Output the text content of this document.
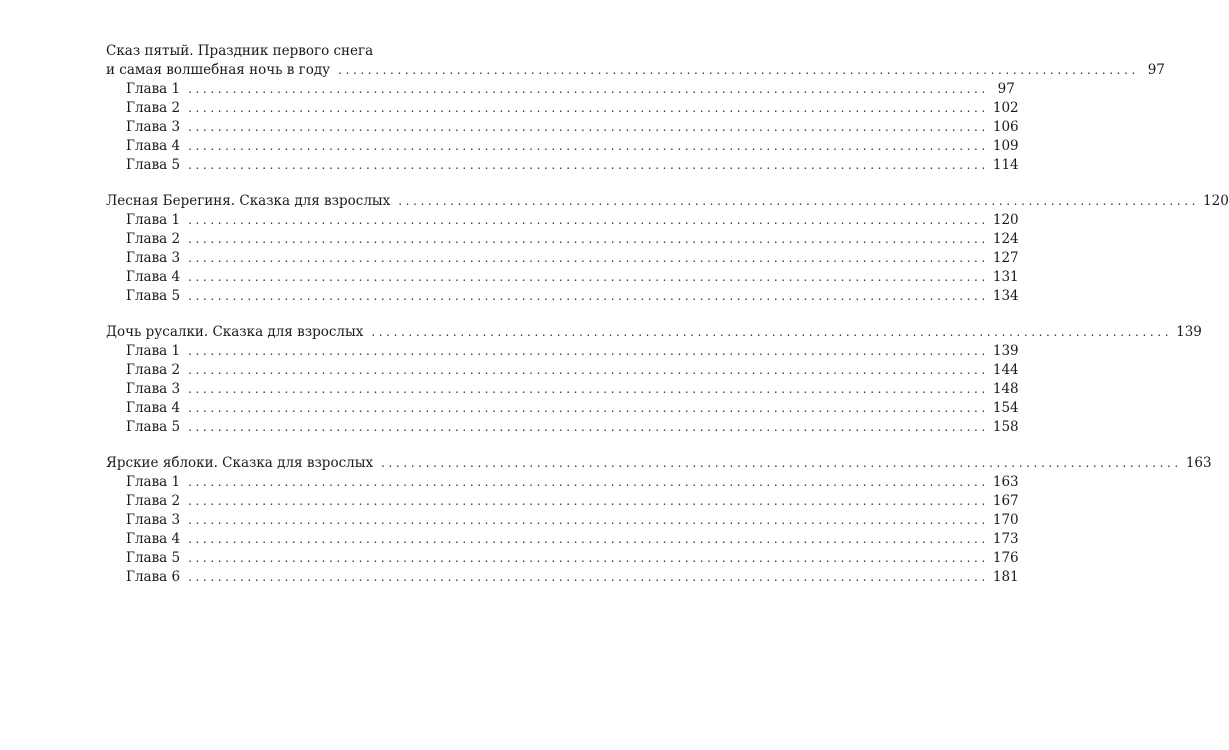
Сказ пятый. Праздник первого снега
и самая волшебная ночь в году ............................................................................................................ 97
Глава 1 ............................................................................................................ 97
Глава 2 ............................................................................................................ 102
Глава 3 ............................................................................................................ 106
Глава 4 ............................................................................................................ 109
Глава 5 ............................................................................................................ 114
Лесная Берегиня. Сказка для взрослых ............................................................................................................ 120
Глава 1 ............................................................................................................ 120
Глава 2 ............................................................................................................ 124
Глава 3 ............................................................................................................ 127
Глава 4 ............................................................................................................ 131
Глава 5 ............................................................................................................ 134
Дочь русалки. Сказка для взрослых ............................................................................................................ 139
Глава 1 ............................................................................................................ 139
Глава 2 ............................................................................................................ 144
Глава 3 ............................................................................................................ 148
Глава 4 ............................................................................................................ 154
Глава 5 ............................................................................................................ 158
Ярские яблоки. Сказка для взрослых ............................................................................................................ 163
Глава 1 ............................................................................................................ 163
Глава 2 ............................................................................................................ 167
Глава 3 ............................................................................................................ 170
Глава 4 ............................................................................................................ 173
Глава 5 ............................................................................................................ 176
Глава 6 ............................................................................................................ 181
